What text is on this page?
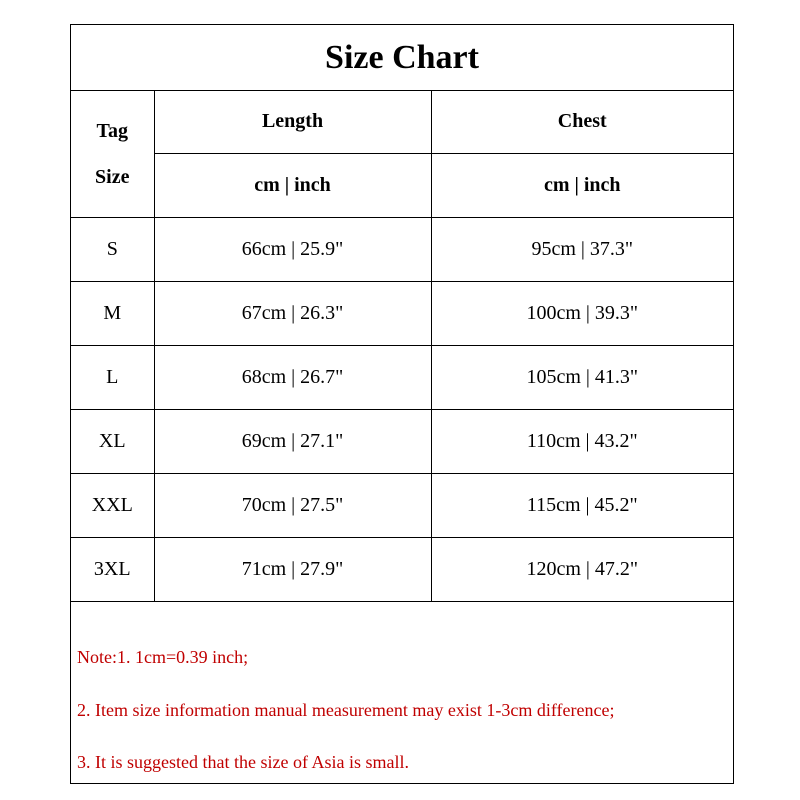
Size Chart
Tag
Size	Length	Chest
	cm | inch	cm | inch
S	66cm | 25.9"	95cm | 37.3"
M	67cm | 26.3"	100cm | 39.3"
L	68cm | 26.7"	105cm | 41.3"
XL	69cm | 27.1"	110cm | 43.2"
XXL	70cm | 27.5"	115cm | 45.2"
3XL	71cm | 27.9"	120cm | 47.2"
Note:1. 1cm=0.39 inch;
2. Item size information manual measurement may exist 1-3cm difference;
3. It is suggested that the size of Asia is small.
